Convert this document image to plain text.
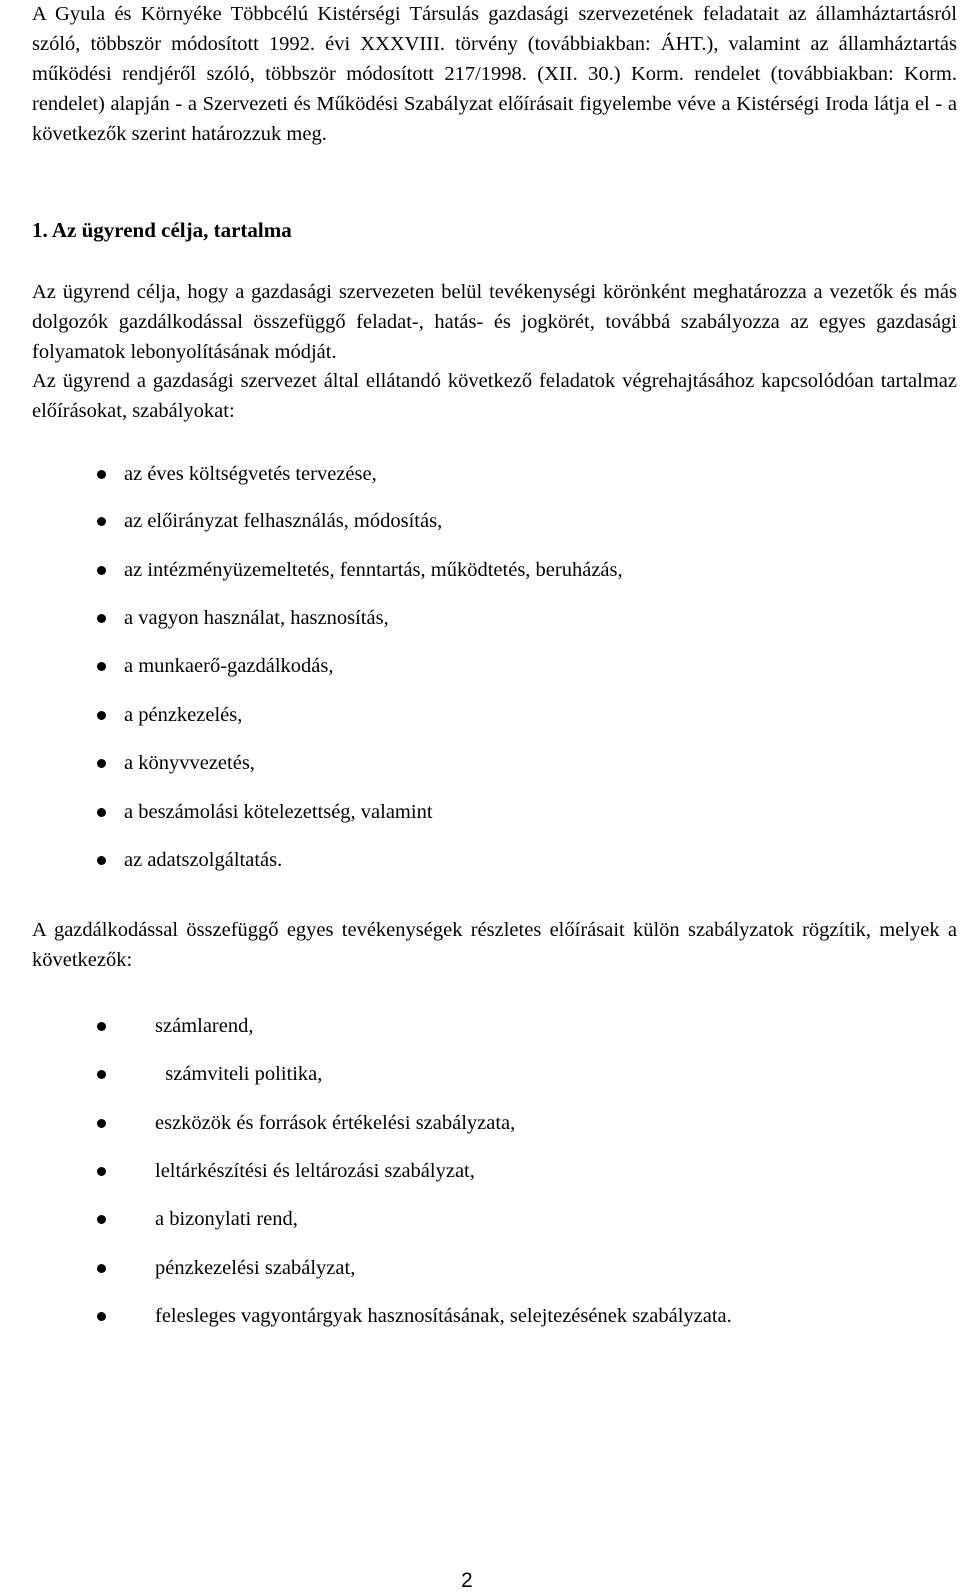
A Gyula és Környéke Többcélú Kistérségi Társulás gazdasági szervezetének feladatait az államháztartásról szóló, többször módosított 1992. évi XXXVIII. törvény (továbbiakban: ÁHT.), valamint az államháztartás működési rendjéről szóló, többször módosított 217/1998. (XII. 30.) Korm. rendelet (továbbiakban: Korm. rendelet) alapján - a Szervezeti és Működési Szabályzat előírásait figyelembe véve a Kistérségi Iroda látja el - a következők szerint határozzuk meg.

1. Az ügyrend célja, tartalma

Az ügyrend célja, hogy a gazdasági szervezeten belül tevékenységi körönként meghatározza a vezetők és más dolgozók gazdálkodással összefüggő feladat-, hatás- és jogkörét, továbbá szabályozza az egyes gazdasági folyamatok lebonyolításának módját.

Az ügyrend a gazdasági szervezet által ellátandó következő feladatok végrehajtásához kapcsolódóan tartalmaz előírásokat, szabályokat:

az éves költségvetés tervezése,
az előirányzat felhasználás, módosítás,
az intézményüzemeltetés, fenntartás, működtetés, beruházás,
a vagyon használat, hasznosítás,
a munkaerő-gazdálkodás,
a pénzkezelés,
a könyvvezetés,
a beszámolási kötelezettség, valamint
az adatszolgáltatás.

A gazdálkodással összefüggő egyes tevékenységek részletes előírásait külön szabályzatok rögzítik, melyek a következők:

számlarend,
számviteli politika,
eszközök és források értékelési szabályzata,
leltárkészítési és leltározási szabályzat,
a bizonylati rend,
pénzkezelési szabályzat,
felesleges vagyontárgyak hasznosításának, selejtezésének szabályzata.
2
